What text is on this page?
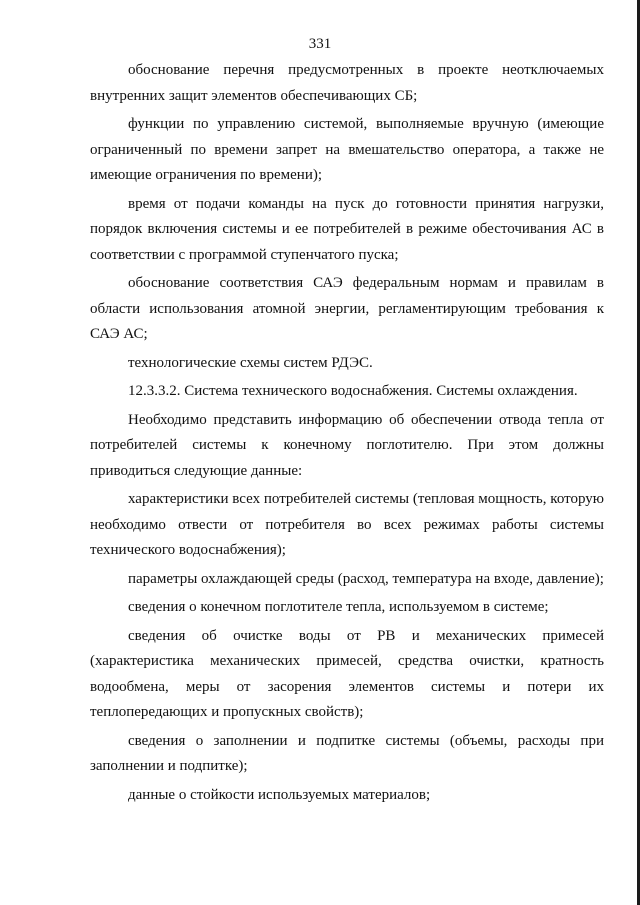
331

обоснование перечня предусмотренных в проекте неотключаемых внутренних защит элементов обеспечивающих СБ;

функции по управлению системой, выполняемые вручную (имеющие ограниченный по времени запрет на вмешательство оператора, а также не имеющие ограничения по времени);

время от подачи команды на пуск до готовности принятия нагрузки, порядок включения системы и ее потребителей в режиме обесточивания АС в соответствии с программой ступенчатого пуска;

обоснование соответствия САЭ федеральным нормам и правилам в области использования атомной энергии, регламентирующим требования к САЭ АС;

технологические схемы систем РДЭС.

12.3.3.2. Система технического водоснабжения. Системы охлаждения.

Необходимо представить информацию об обеспечении отвода тепла от потребителей системы к конечному поглотителю. При этом должны приводиться следующие данные:

характеристики всех потребителей системы (тепловая мощность, которую необходимо отвести от потребителя во всех режимах работы системы технического водоснабжения);

параметры охлаждающей среды (расход, температура на входе, давление);

сведения о конечном поглотителе тепла, используемом в системе;

сведения об очистке воды от РВ и механических примесей (характеристика механических примесей, средства очистки, кратность водообмена, меры от засорения элементов системы и потери их теплопередающих и пропускных свойств);

сведения о заполнении и подпитке системы (объемы, расходы при заполнении и подпитке);

данные о стойкости используемых материалов;
